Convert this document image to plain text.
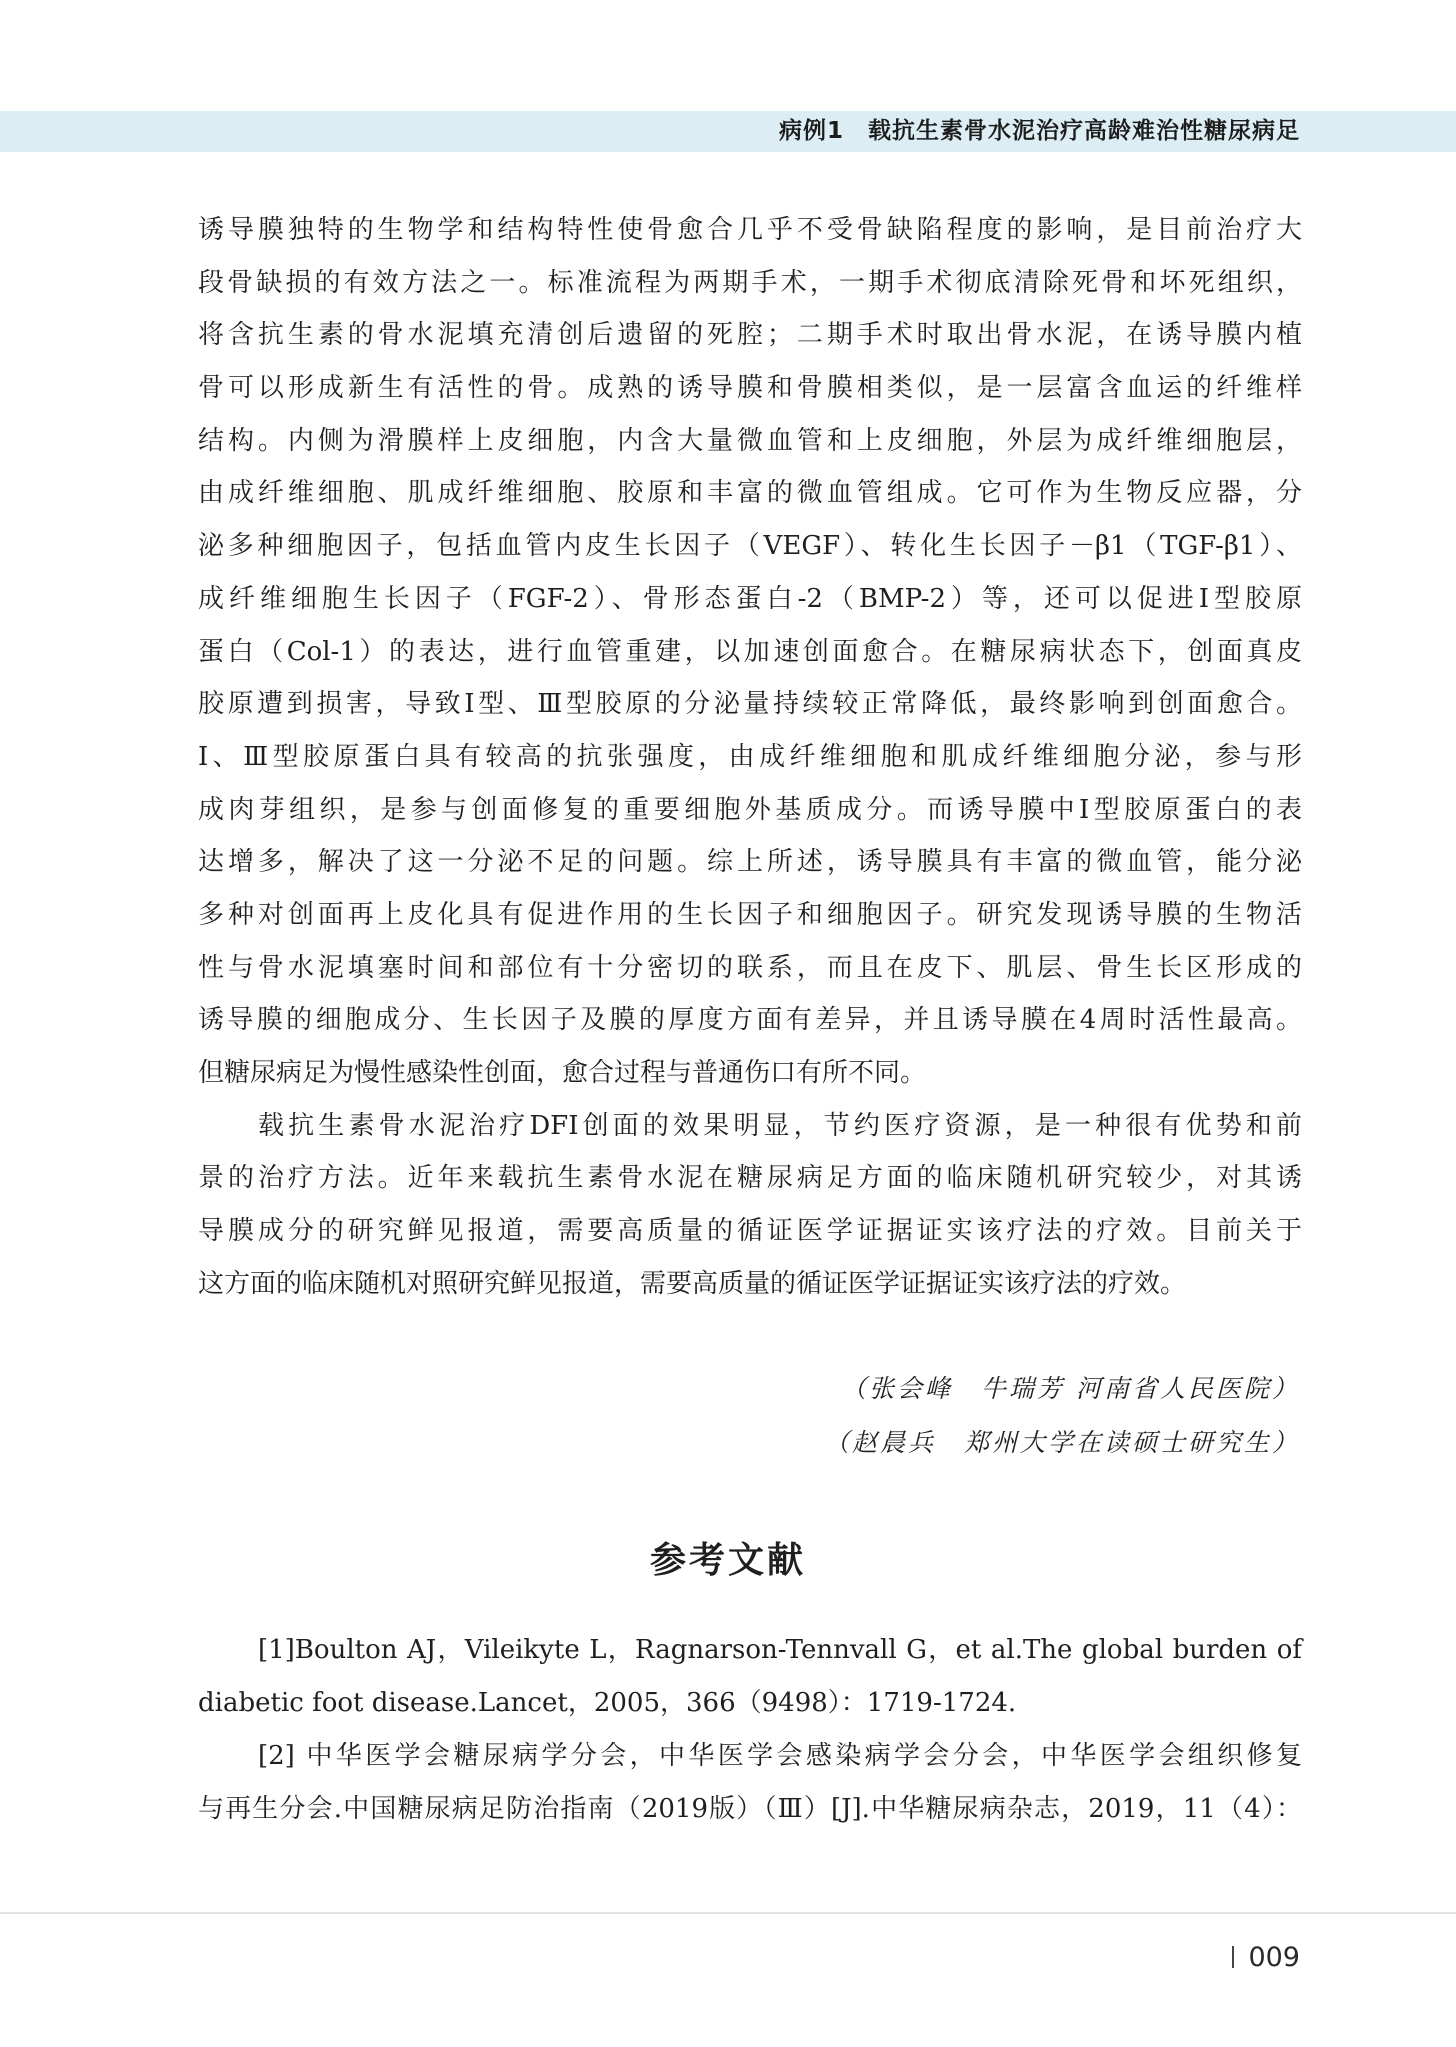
病例1　载抗生素骨水泥治疗高龄难治性糖尿病足
诱导膜独特的生物学和结构特性使骨愈合几乎不受骨缺陷程度的影响，是目前治疗大
段骨缺损的有效方法之一。标准流程为两期手术，一期手术彻底清除死骨和坏死组织，
将含抗生素的骨水泥填充清创后遗留的死腔；二期手术时取出骨水泥，在诱导膜内植
骨可以形成新生有活性的骨。成熟的诱导膜和骨膜相类似，是一层富含血运的纤维样
结构。内侧为滑膜样上皮细胞，内含大量微血管和上皮细胞，外层为成纤维细胞层，
由成纤维细胞、肌成纤维细胞、胶原和丰富的微血管组成。它可作为生物反应器，分
泌多种细胞因子，包括血管内皮生长因子（VEGF）、转化生长因子－β1（TGF-β1）、
成纤维细胞生长因子（FGF-2）、骨形态蛋白-2（BMP-2）等，还可以促进Ⅰ型胶原
蛋白（Col-1）的表达，进行血管重建，以加速创面愈合。在糖尿病状态下，创面真皮
胶原遭到损害，导致Ⅰ型、Ⅲ型胶原的分泌量持续较正常降低，最终影响到创面愈合。
Ⅰ、Ⅲ型胶原蛋白具有较高的抗张强度，由成纤维细胞和肌成纤维细胞分泌，参与形
成肉芽组织，是参与创面修复的重要细胞外基质成分。而诱导膜中Ⅰ型胶原蛋白的表
达增多，解决了这一分泌不足的问题。综上所述，诱导膜具有丰富的微血管，能分泌
多种对创面再上皮化具有促进作用的生长因子和细胞因子。研究发现诱导膜的生物活
性与骨水泥填塞时间和部位有十分密切的联系，而且在皮下、肌层、骨生长区形成的
诱导膜的细胞成分、生长因子及膜的厚度方面有差异，并且诱导膜在4周时活性最高。
但糖尿病足为慢性感染性创面，愈合过程与普通伤口有所不同。
载抗生素骨水泥治疗DFI创面的效果明显，节约医疗资源，是一种很有优势和前
景的治疗方法。近年来载抗生素骨水泥在糖尿病足方面的临床随机研究较少，对其诱
导膜成分的研究鲜见报道，需要高质量的循证医学证据证实该疗法的疗效。目前关于
这方面的临床随机对照研究鲜见报道，需要高质量的循证医学证据证实该疗法的疗效。
（张会峰　牛瑞芳 河南省人民医院）
（赵晨兵　郑州大学在读硕士研究生）
参考文献
[1]Boulton AJ，Vileikyte L，Ragnarson-Tennvall G，et al.The global burden of
diabetic foot disease.Lancet，2005，366（9498）：1719-1724.
[2] 中华医学会糖尿病学分会，中华医学会感染病学会分会，中华医学会组织修复
与再生分会.中国糖尿病足防治指南（2019版）（Ⅲ）[J].中华糖尿病杂志，2019，11（4）：
009
